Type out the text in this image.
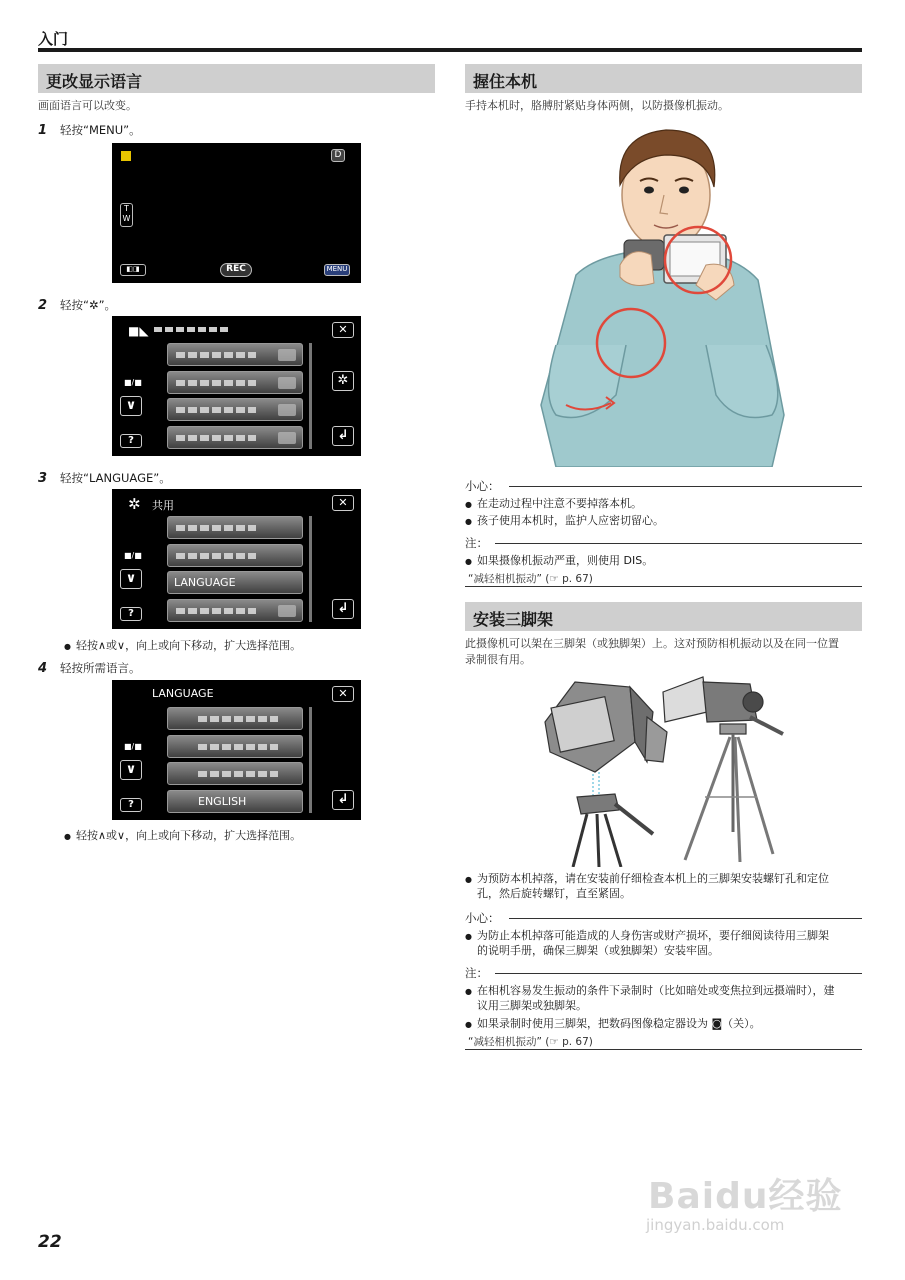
入门
更改显示语言
画面语言可以改变。
1 轻按“MENU”。
D
T
W
◧◨	REC	MENU
2 轻按“✲”。
■◣	✕
■/■
∨
?
✲
↲
3 轻按“LANGUAGE”。
✲ 共用	✕
LANGUAGE
■/■
∨
?	↲
● 轻按∧或∨，向上或向下移动，扩大选择范围。
4 轻按所需语言。
LANGUAGE	✕
ENGLISH
■/■
∨
?	↲
● 轻按∧或∨，向上或向下移动，扩大选择范围。
握住本机
手持本机时，胳膊肘紧贴身体两侧，以防摄像机振动。
小心：
● 在走动过程中注意不要掉落本机。
● 孩子使用本机时，监护人应密切留心。
注：
● 如果摄像机振动严重，则使用 DIS。
“减轻相机振动” (☞ p. 67)
安装三脚架
此摄像机可以架在三脚架（或独脚架）上。这对预防相机振动以及在同一位置
录制很有用。
● 为预防本机掉落，请在安装前仔细检查本机上的三脚架安装螺钉孔和定位
孔，然后旋转螺钉，直至紧固。
小心：
● 为防止本机掉落可能造成的人身伤害或财产损坏，要仔细阅读待用三脚架
的说明手册，确保三脚架（或独脚架）安装牢固。
注：
● 在相机容易发生振动的条件下录制时（比如暗处或变焦拉到远摄端时），建
议用三脚架或独脚架。
● 如果录制时使用三脚架，把数码图像稳定器设为 ◙（关）。
“减轻相机振动” (☞ p. 67)
22
Baidu经验
jingyan.baidu.com
